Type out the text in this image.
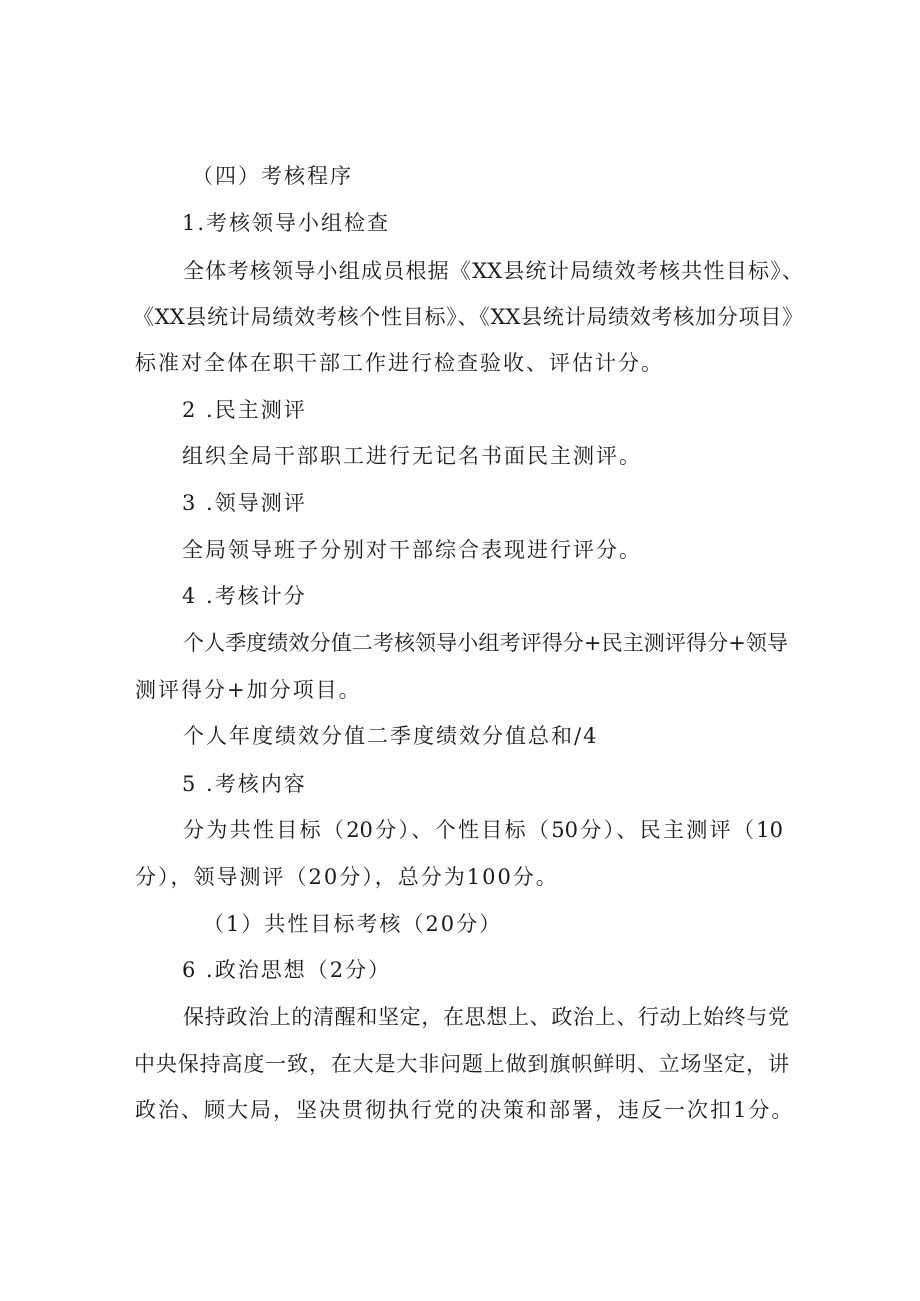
（四）考核程序
1.考核领导小组检查
全体考核领导小组成员根据《XX县统计局绩效考核共性目标》、
《XX县统计局绩效考核个性目标》、《XX县统计局绩效考核加分项目》
标准对全体在职干部工作进行检查验收、评估计分。
2 .民主测评
组织全局干部职工进行无记名书面民主测评。
3 .领导测评
全局领导班子分别对干部综合表现进行评分。
4 .考核计分
个人季度绩效分值二考核领导小组考评得分+民主测评得分+领导
测评得分+加分项目。
个人年度绩效分值二季度绩效分值总和/4
5 .考核内容
分为共性目标（20分）、个性目标（50分）、民主测评（10
分），领导测评（20分），总分为100分。
（1）共性目标考核（20分）
6 .政治思想（2分）
保持政治上的清醒和坚定，在思想上、政治上、行动上始终与党
中央保持高度一致，在大是大非问题上做到旗帜鲜明、立场坚定，讲
政治、顾大局，坚决贯彻执行党的决策和部署，违反一次扣1分。
